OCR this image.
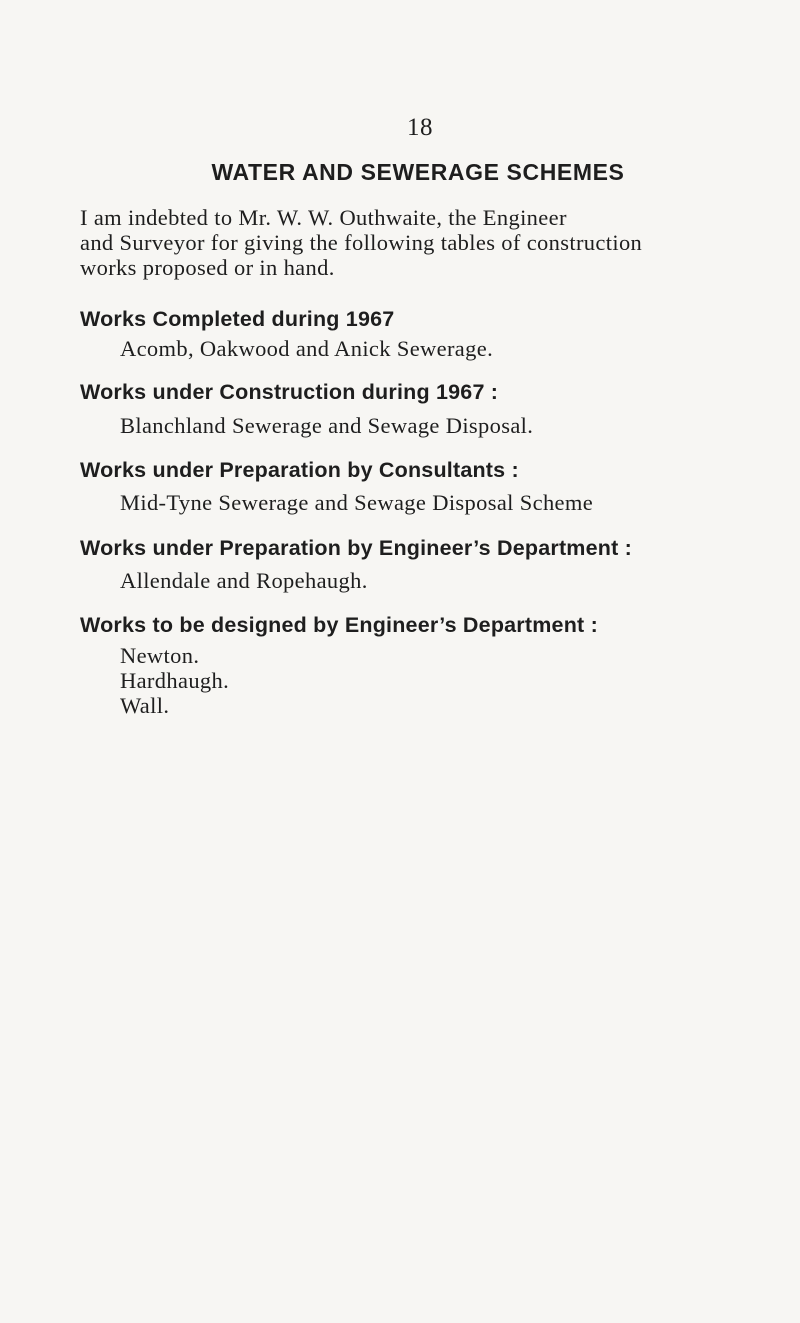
18
WATER AND SEWERAGE SCHEMES

I am indebted to Mr. W. W. Outhwaite, the Engineer
and Surveyor for giving the following tables of construction
works proposed or in hand.

Works Completed during 1967
Acomb, Oakwood and Anick Sewerage.
Works under Construction during 1967 :
Blanchland Sewerage and Sewage Disposal.
Works under Preparation by Consultants :
Mid-Tyne Sewerage and Sewage Disposal Scheme
Works under Preparation by Engineer’s Department :
Allendale and Ropehaugh.
Works to be designed by Engineer’s Department :
Newton.
Hardhaugh.
Wall.
